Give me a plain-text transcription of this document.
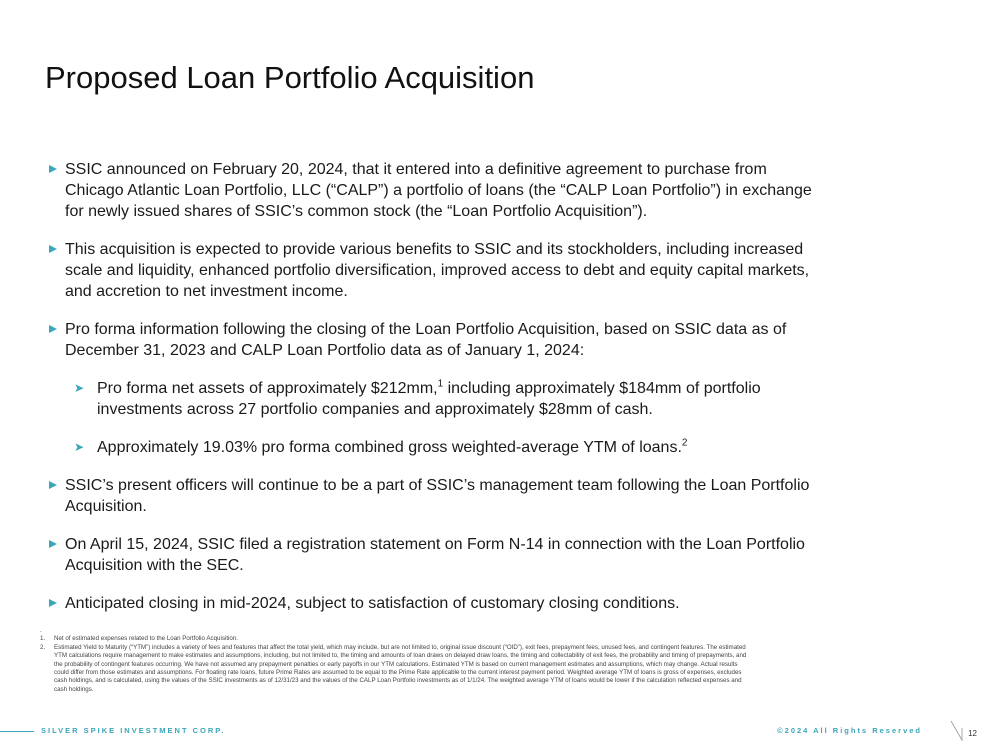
Proposed Loan Portfolio Acquisition
SSIC announced on February 20, 2024, that it entered into a definitive agreement to purchase from
Chicago Atlantic Loan Portfolio, LLC (“CALP”) a portfolio of loans (the “CALP Loan Portfolio”) in exchange
for newly issued shares of SSIC’s common stock (the “Loan Portfolio Acquisition”).
This acquisition is expected to provide various benefits to SSIC and its stockholders, including increased
scale and liquidity, enhanced portfolio diversification, improved access to debt and equity capital markets,
and accretion to net investment income.
Pro forma information following the closing of the Loan Portfolio Acquisition, based on SSIC data as of
December 31, 2023 and CALP Loan Portfolio data as of January 1, 2024:
➤ Pro forma net assets of approximately $212mm,$^1$ including approximately $184mm of portfolio
investments across 27 portfolio companies and approximately $28mm of cash.
➤ Approximately 19.03% pro forma combined gross weighted-average YTM of loans.$^2$
SSIC’s present officers will continue to be a part of SSIC’s management team following the Loan Portfolio
Acquisition.
On April 15, 2024, SSIC filed a registration statement on Form N-14 in connection with the Loan Portfolio
Acquisition with the SEC.
Anticipated closing in mid-2024, subject to satisfaction of customary closing conditions.
.
1. Net of estimated expenses related to the Loan Portfolio Acquisition.
2. Estimated Yield to Maturity (“YTM”) includes a variety of fees and features that affect the total yield, which may include, but are not limited to, original issue discount (“OID”), exit fees, prepayment fees, unused fees, and contingent features. The estimated
YTM calculations require management to make estimates and assumptions, including, but not limited to, the timing and amounts of loan draws on delayed draw loans, the timing and collectability of exit fees, the probability and timing of prepayments, and
the probability of contingent features occurring. We have not assumed any prepayment penalties or early payoffs in our YTM calculations. Estimated YTM is based on current management estimates and assumptions, which may change. Actual results
could differ from those estimates and assumptions. For floating rate loans, future Prime Rates are assumed to be equal to the Prime Rate applicable to the current interest payment period. Weighted average YTM of loans is gross of expenses, excludes
cash holdings, and is calculated, using the values of the SSIC investments as of 12/31/23 and the values of the CALP Loan Portfolio investments as of 1/1/24. The weighted average YTM of loans would be lower if the calculation reflected expenses and
cash holdings.
SILVER SPIKE INVESTMENT CORP.	©2024 All Rights Reserved	12
